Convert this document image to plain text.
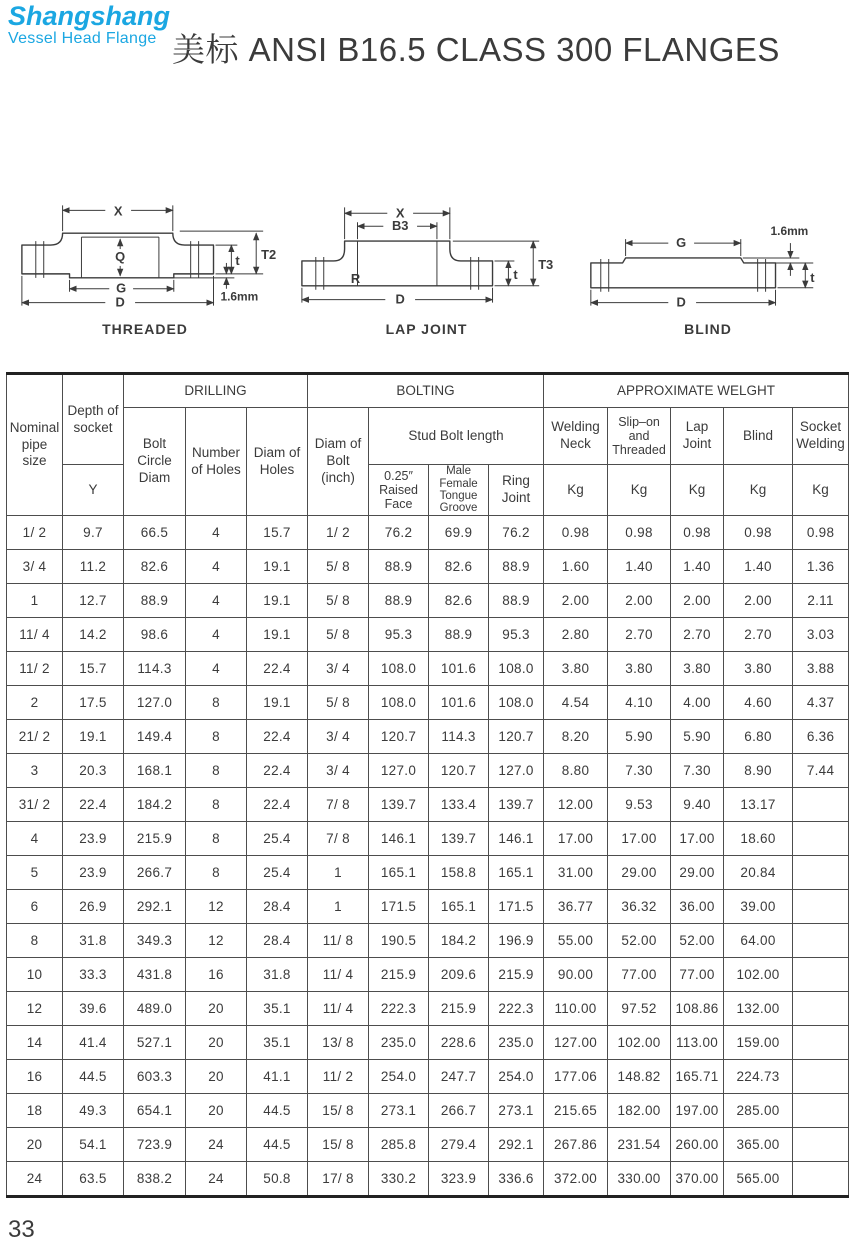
Shangshang
Vessel Head Flange 美标 ANSI B16.5 CLASS 300 FLANGES
X
Q
G
D
t T2
1.6mm
THREADED
X
B3
R
D
t
T3
LAP JOINT
G
1.6mm
D
t
BLIND
Nominal pipe size	Depth of socket	DRILLING			BOLTING				APPROXIMATE WELGHT				
		Bolt Circle Diam	Number of Holes	Diam of Holes	Diam of Bolt (inch)	Stud Bolt length			Welding Neck	Slip–on and Threaded	Lap Joint	Blind	Socket Welding
	Y					0.25″ Raised Face	Male Female Tongue Groove	Ring Joint	Kg	Kg	Kg	Kg	Kg
1/ 2	9.7	66.5	4	15.7	1/ 2	76.2	69.9	76.2	0.98	0.98	0.98	0.98	0.98
3/ 4	11.2	82.6	4	19.1	5/ 8	88.9	82.6	88.9	1.60	1.40	1.40	1.40	1.36
1	12.7	88.9	4	19.1	5/ 8	88.9	82.6	88.9	2.00	2.00	2.00	2.00	2.11
11/ 4	14.2	98.6	4	19.1	5/ 8	95.3	88.9	95.3	2.80	2.70	2.70	2.70	3.03
11/ 2	15.7	114.3	4	22.4	3/ 4	108.0	101.6	108.0	3.80	3.80	3.80	3.80	3.88
2	17.5	127.0	8	19.1	5/ 8	108.0	101.6	108.0	4.54	4.10	4.00	4.60	4.37
21/ 2	19.1	149.4	8	22.4	3/ 4	120.7	114.3	120.7	8.20	5.90	5.90	6.80	6.36
3	20.3	168.1	8	22.4	3/ 4	127.0	120.7	127.0	8.80	7.30	7.30	8.90	7.44
31/ 2	22.4	184.2	8	22.4	7/ 8	139.7	133.4	139.7	12.00	9.53	9.40	13.17	
4	23.9	215.9	8	25.4	7/ 8	146.1	139.7	146.1	17.00	17.00	17.00	18.60	
5	23.9	266.7	8	25.4	1	165.1	158.8	165.1	31.00	29.00	29.00	20.84	
6	26.9	292.1	12	28.4	1	171.5	165.1	171.5	36.77	36.32	36.00	39.00	
8	31.8	349.3	12	28.4	11/ 8	190.5	184.2	196.9	55.00	52.00	52.00	64.00	
10	33.3	431.8	16	31.8	11/ 4	215.9	209.6	215.9	90.00	77.00	77.00	102.00	
12	39.6	489.0	20	35.1	11/ 4	222.3	215.9	222.3	110.00	97.52	108.86	132.00	
14	41.4	527.1	20	35.1	13/ 8	235.0	228.6	235.0	127.00	102.00	113.00	159.00	
16	44.5	603.3	20	41.1	11/ 2	254.0	247.7	254.0	177.06	148.82	165.71	224.73	
18	49.3	654.1	20	44.5	15/ 8	273.1	266.7	273.1	215.65	182.00	197.00	285.00	
20	54.1	723.9	24	44.5	15/ 8	285.8	279.4	292.1	267.86	231.54	260.00	365.00	
24	63.5	838.2	24	50.8	17/ 8	330.2	323.9	336.6	372.00	330.00	370.00	565.00	
33
